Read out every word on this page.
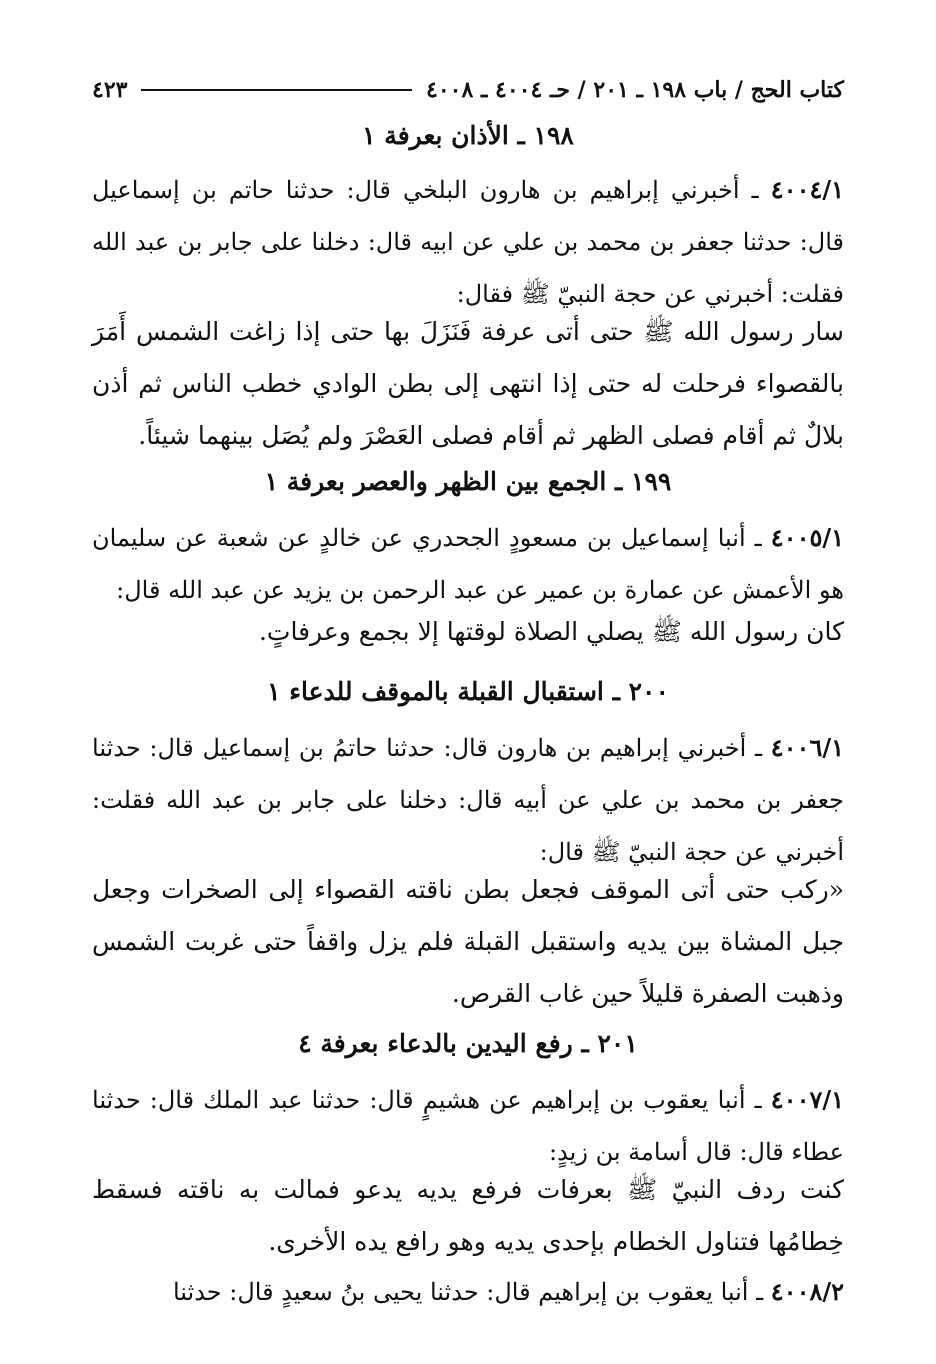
كتاب الحج / باب ١٩٨ ـ ٢٠١ / حـ ٤٠٠٤ ـ ٤٠٠٨
٤٢٣
١٩٨ ـ الأذان بعرفة ١

٤٠٠٤/١ ـ أخبرني إبراهيم بن هارون البلخي قال: حدثنا حاتم بن إسماعيل قال: حدثنا جعفر بن محمد بن علي عن ابيه قال: دخلنا على جابر بن عبد الله فقلت: أخبرني عن حجة النبيّ ﷺ فقال:

سار رسول الله ﷺ حتى أتى عرفة فَنَزَلَ بها حتى إذا زاغت الشمس أَمَرَ بالقصواء فرحلت له حتى إذا انتهى إلى بطن الوادي خطب الناس ثم أذن بلالٌ ثم أقام فصلى الظهر ثم أقام فصلى العَصْرَ ولم يُصَل بينهما شيئاً.

١٩٩ ـ الجمع بين الظهر والعصر بعرفة ١

٤٠٠٥/١ ـ أنبا إسماعيل بن مسعودٍ الجحدري عن خالدٍ عن شعبة عن سليمان هو الأعمش عن عمارة بن عمير عن عبد الرحمن بن يزيد عن عبد الله قال:

كان رسول الله ﷺ يصلي الصلاة لوقتها إلا بجمع وعرفاتٍ.

٢٠٠ ـ استقبال القبلة بالموقف للدعاء ١

٤٠٠٦/١ ـ أخبرني إبراهيم بن هارون قال: حدثنا حاتمُ بن إسماعيل قال: حدثنا جعفر بن محمد بن علي عن أبيه قال: دخلنا على جابر بن عبد الله فقلت: أخبرني عن حجة النبيّ ﷺ قال:

«ركب حتى أتى الموقف فجعل بطن ناقته القصواء إلى الصخرات وجعل جبل المشاة بين يديه واستقبل القبلة فلم يزل واقفاً حتى غربت الشمس وذهبت الصفرة قليلاً حين غاب القرص.

٢٠١ ـ رفع اليدين بالدعاء بعرفة ٤

٤٠٠٧/١ ـ أنبا يعقوب بن إبراهيم عن هشيمٍ قال: حدثنا عبد الملك قال: حدثنا عطاء قال: قال أسامة بن زيدٍ:

كنت ردف النبيّ ﷺ بعرفات فرفع يديه يدعو فمالت به ناقته فسقط خِطامُها فتناول الخطام بإحدى يديه وهو رافع يده الأخرى.

٤٠٠٨/٢ ـ أنبا يعقوب بن إبراهيم قال: حدثنا يحيى بنُ سعيدٍ قال: حدثنا
